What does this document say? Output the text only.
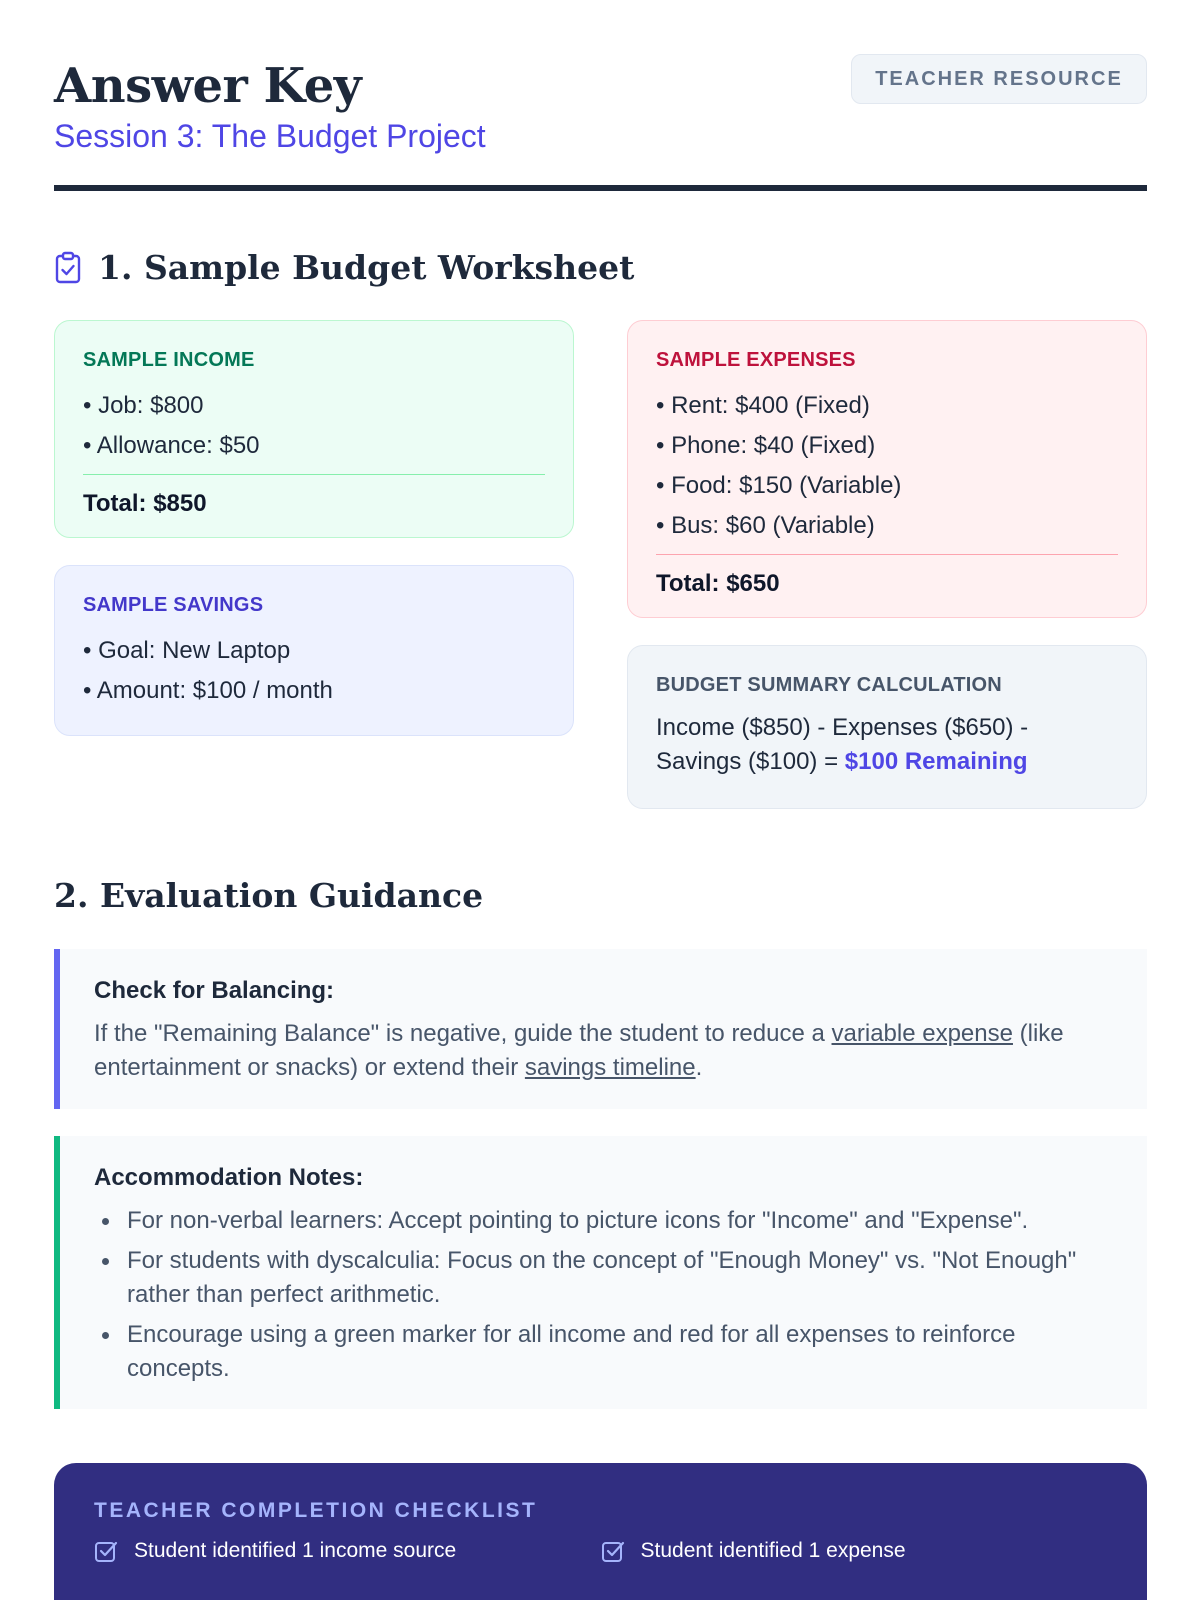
Answer Key
Session 3: The Budget Project
TEACHER RESOURCE
1. Sample Budget Worksheet
SAMPLE INCOME
• Job: $800
• Allowance: $50
Total: $850
SAMPLE SAVINGS
• Goal: New Laptop
• Amount: $100 / month
SAMPLE EXPENSES
• Rent: $400 (Fixed)
• Phone: $40 (Fixed)
• Food: $150 (Variable)
• Bus: $60 (Variable)
Total: $650
BUDGET SUMMARY CALCULATION
Income ($850) - Expenses ($650) -
Savings ($100) = $100 Remaining
2. Evaluation Guidance
Check for Balancing:

If the "Remaining Balance" is negative, guide the student to reduce a variable expense (like entertainment or snacks) or extend their savings timeline.

Accommodation Notes:
For non-verbal learners: Accept pointing to picture icons for "Income" and "Expense".
For students with dyscalculia: Focus on the concept of "Enough Money" vs. "Not Enough" rather than perfect arithmetic.
Encourage using a green marker for all income and red for all expenses to reinforce concepts.
TEACHER COMPLETION CHECKLIST
Student identified 1 income source	Student identified 1 expense
